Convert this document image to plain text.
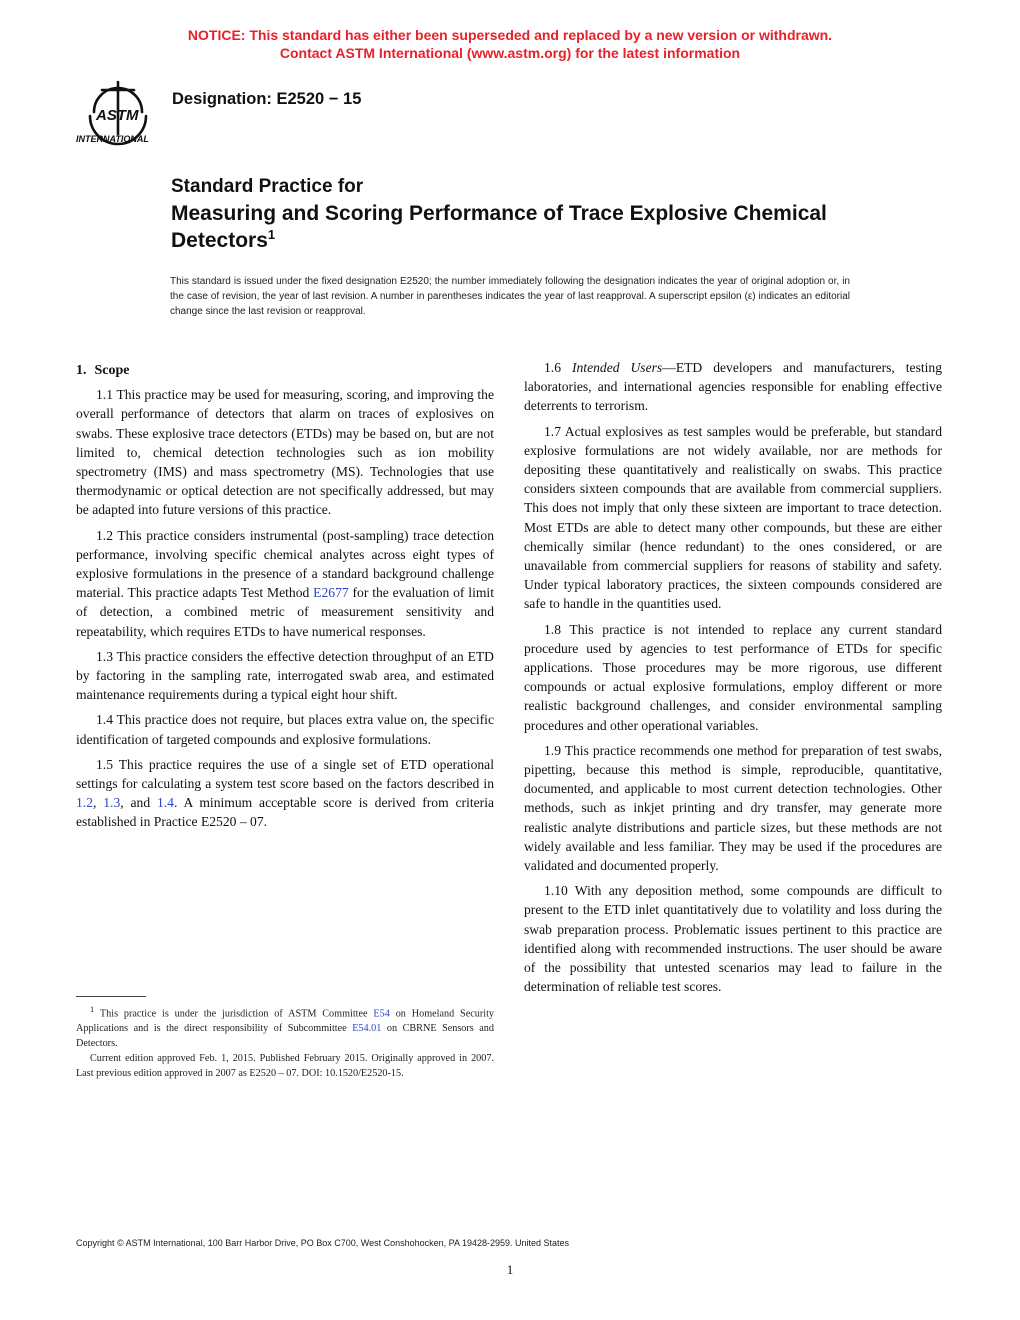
NOTICE: This standard has either been superseded and replaced by a new version or withdrawn.
Contact ASTM International (www.astm.org) for the latest information
ASTM
INTERNATIONAL
Designation: E2520 − 15
Standard Practice for
Measuring and Scoring Performance of Trace Explosive Chemical Detectors$^1$
This standard is issued under the fixed designation E2520; the number immediately following the designation indicates the year of original adoption or, in the case of revision, the year of last revision. A number in parentheses indicates the year of last reapproval. A superscript epsilon (ε) indicates an editorial change since the last revision or reapproval.
1. Scope

1.1 This practice may be used for measuring, scoring, and improving the overall performance of detectors that alarm on traces of explosives on swabs. These explosive trace detectors (ETDs) may be based on, but are not limited to, chemical detection technologies such as ion mobility spectrometry (IMS) and mass spectrometry (MS). Technologies that use thermodynamic or optical detection are not specifically addressed, but may be adapted into future versions of this practice.

1.2 This practice considers instrumental (post-sampling) trace detection performance, involving specific chemical analytes across eight types of explosive formulations in the presence of a standard background challenge material. This practice adapts Test Method E2677 for the evaluation of limit of detection, a combined metric of measurement sensitivity and repeatability, which requires ETDs to have numerical responses.

1.3 This practice considers the effective detection throughput of an ETD by factoring in the sampling rate, interrogated swab area, and estimated maintenance requirements during a typical eight hour shift.

1.4 This practice does not require, but places extra value on, the specific identification of targeted compounds and explosive formulations.

1.5 This practice requires the use of a single set of ETD operational settings for calculating a system test score based on the factors described in 1.2, 1.3, and 1.4. A minimum acceptable score is derived from criteria established in Practice E2520 – 07.

1.6 Intended Users—ETD developers and manufacturers, testing laboratories, and international agencies responsible for enabling effective deterrents to terrorism.

1.7 Actual explosives as test samples would be preferable, but standard explosive formulations are not widely available, nor are methods for depositing these quantitatively and realistically on swabs. This practice considers sixteen compounds that are available from commercial suppliers. This does not imply that only these sixteen are important to trace detection. Most ETDs are able to detect many other compounds, but these are either chemically similar (hence redundant) to the ones considered, or are unavailable from commercial suppliers for reasons of stability and safety. Under typical laboratory practices, the sixteen compounds considered are safe to handle in the quantities used.

1.8 This practice is not intended to replace any current standard procedure used by agencies to test performance of ETDs for specific applications. Those procedures may be more rigorous, use different compounds or actual explosive formulations, employ different or more realistic background challenges, and consider environmental sampling procedures and other operational variables.

1.9 This practice recommends one method for preparation of test swabs, pipetting, because this method is simple, reproducible, quantitative, documented, and applicable to most current detection technologies. Other methods, such as inkjet printing and dry transfer, may generate more realistic analyte distributions and particle sizes, but these methods are not widely available and less familiar. They may be used if the procedures are validated and documented properly.

1.10 With any deposition method, some compounds are difficult to present to the ETD inlet quantitatively due to volatility and loss during the swab preparation process. Problematic issues pertinent to this practice are identified along with recommended instructions. The user should be aware of the possibility that untested scenarios may lead to failure in the determination of reliable test scores.

$^1$ This practice is under the jurisdiction of ASTM Committee E54 on Homeland Security Applications and is the direct responsibility of Subcommittee E54.01 on CBRNE Sensors and Detectors.

Current edition approved Feb. 1, 2015. Published February 2015. Originally approved in 2007. Last previous edition approved in 2007 as E2520 – 07. DOI: 10.1520/E2520-15.

Copyright © ASTM International, 100 Barr Harbor Drive, PO Box C700, West Conshohocken, PA 19428-2959. United States
1
